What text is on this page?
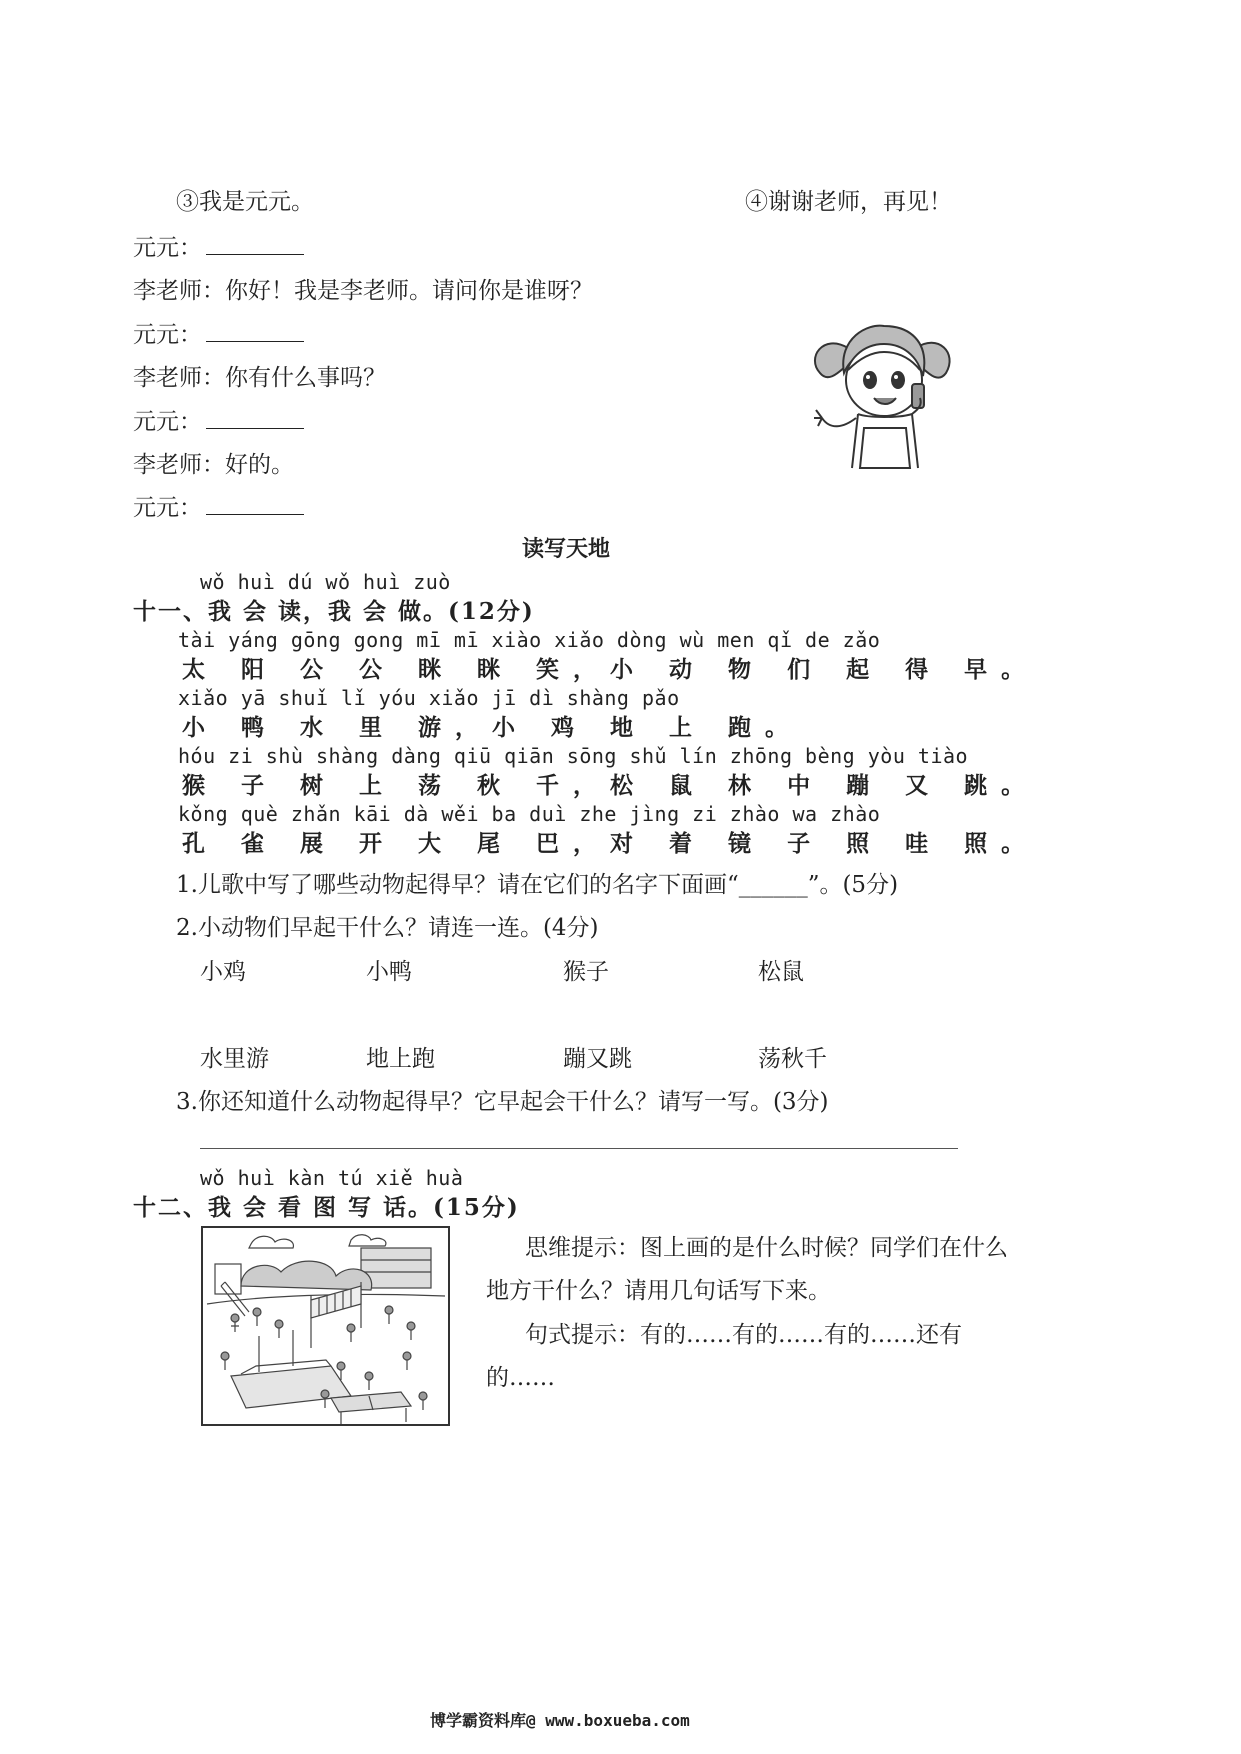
③我是元元。	④谢谢老师，再见！
元元：
李老师：你好！我是李老师。请问你是谁呀？
元元：
李老师：你有什么事吗？
元元：
李老师：好的。
元元：
读写天地
wǒ huì dú wǒ huì zuò
十一、我 会 读，我 会 做。(12分)
tài yáng gōng gong mī mī xiào xiǎo dòng wù men qǐ de zǎo
太 阳 公 公 眯 眯 笑，小 动 物 们 起 得 早。
xiǎo yā shuǐ lǐ yóu xiǎo jī dì shàng pǎo
小 鸭 水 里 游，小 鸡 地 上 跑。
hóu zi shù shàng dàng qiū qiān sōng shǔ lín zhōng bèng yòu tiào
猴 子 树 上 荡 秋 千，松 鼠 林 中 蹦 又 跳。
kǒng què zhǎn kāi dà wěi ba duì zhe jìng zi zhào wa zhào
孔 雀 展 开 大 尾 巴，对 着 镜 子 照 哇 照。
1.儿歌中写了哪些动物起得早？请在它们的名字下面画“______”。(5分)
2.小动物们早起干什么？请连一连。(4分)
小鸡	小鸭	猴子	松鼠
水里游	地上跑	蹦又跳	荡秋千
3.你还知道什么动物起得早？它早起会干什么？请写一写。(3分)
wǒ huì kàn tú xiě huà
十二、我 会 看 图 写 话。(15分)
思维提示：图上画的是什么时候？同学们在什么
地方干什么？请用几句话写下来。
句式提示：有的……有的……有的……还有
的……
博学霸资料库@ www.boxueba.com
